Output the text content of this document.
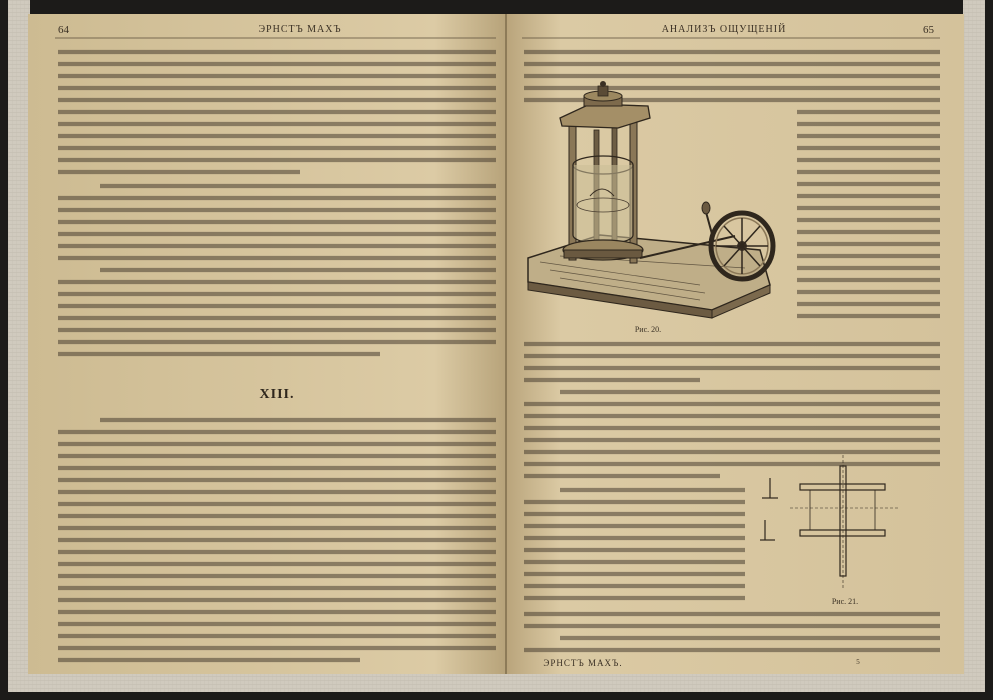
64	ЭРНСТЪ МАХЪ
XIII.
АНАЛИЗЪ ОЩУЩЕНІЙ	65
Рис. 20.
Рис. 21.
ЭРНСТЪ МАХЪ.	5
